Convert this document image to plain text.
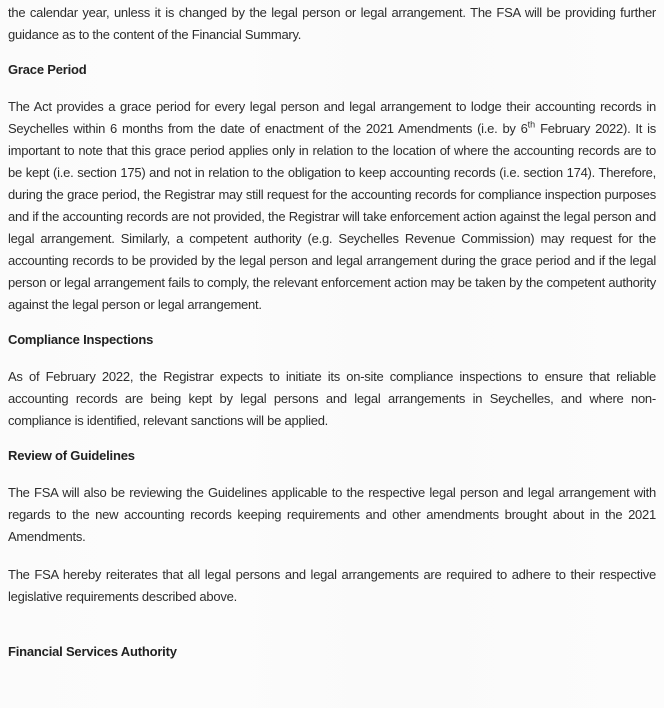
the calendar year, unless it is changed by the legal person or legal arrangement. The FSA will be providing further guidance as to the content of the Financial Summary.

Grace Period

The Act provides a grace period for every legal person and legal arrangement to lodge their accounting records in Seychelles within 6 months from the date of enactment of the 2021 Amendments (i.e. by 6th February 2022). It is important to note that this grace period applies only in relation to the location of where the accounting records are to be kept (i.e. section 175) and not in relation to the obligation to keep accounting records (i.e. section 174). Therefore, during the grace period, the Registrar may still request for the accounting records for compliance inspection purposes and if the accounting records are not provided, the Registrar will take enforcement action against the legal person and legal arrangement. Similarly, a competent authority (e.g. Seychelles Revenue Commission) may request for the accounting records to be provided by the legal person and legal arrangement during the grace period and if the legal person or legal arrangement fails to comply, the relevant enforcement action may be taken by the competent authority against the legal person or legal arrangement.

Compliance Inspections

As of February 2022, the Registrar expects to initiate its on-site compliance inspections to ensure that reliable accounting records are being kept by legal persons and legal arrangements in Seychelles, and where non-compliance is identified, relevant sanctions will be applied.

Review of Guidelines

The FSA will also be reviewing the Guidelines applicable to the respective legal person and legal arrangement with regards to the new accounting records keeping requirements and other amendments brought about in the 2021 Amendments.

The FSA hereby reiterates that all legal persons and legal arrangements are required to adhere to their respective legislative requirements described above.

Financial Services Authority
